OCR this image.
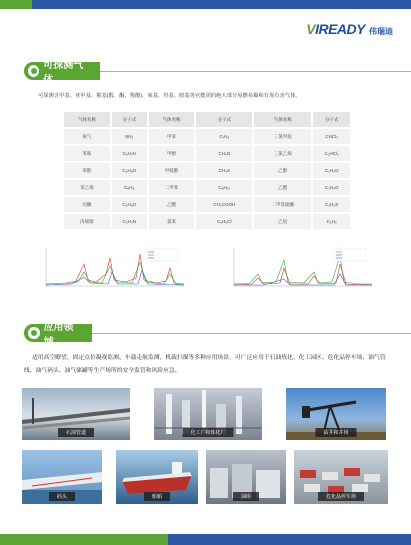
VIREADY 伟瑞迪
可探测气体
可探测含甲基、亚甲基、羰基(醛、酮、羧酸)、氧基、羟基、胺基等官能团的绝大部分易燃易爆和有毒有害气体。
气体名称	分子式	气体名称	分子式	气体名称	分子式
氨气	NH₃	甲苯	C₇H₈	三氯甲烷	CHCl₃
苯胺	C₆H₇N	甲醇	CH₄O	三氯乙烯	C₂HCl₃
苯酚	C₆H₆O	甲硫醇	CH₄S	乙醇	C₂H₆O
苯乙烯	C₈H₈	二甲苯	C₈H₁₀	乙醛	C₂H₄O
丙酮	C₃H₆O	乙酸	CH₃COOH	二甲基硫醚	C₂H₆S
丙烯腈	C₃H₃N	氯苯	C₆H₅Cl	乙烷	C₂H₆
应用领域
适用高空瞭望、固定点位凝视监测、车载走航监测、机载扫描等多种应用场景，可广泛应用于石油炼化、化工园区、危化品停车场、油气管线、油气码头、油气储罐等生产场所的安全监管和风险应急。
石油管道	化工厂和炼化厂	钻井和井场
码头	船舶	油库	危化品停车场
